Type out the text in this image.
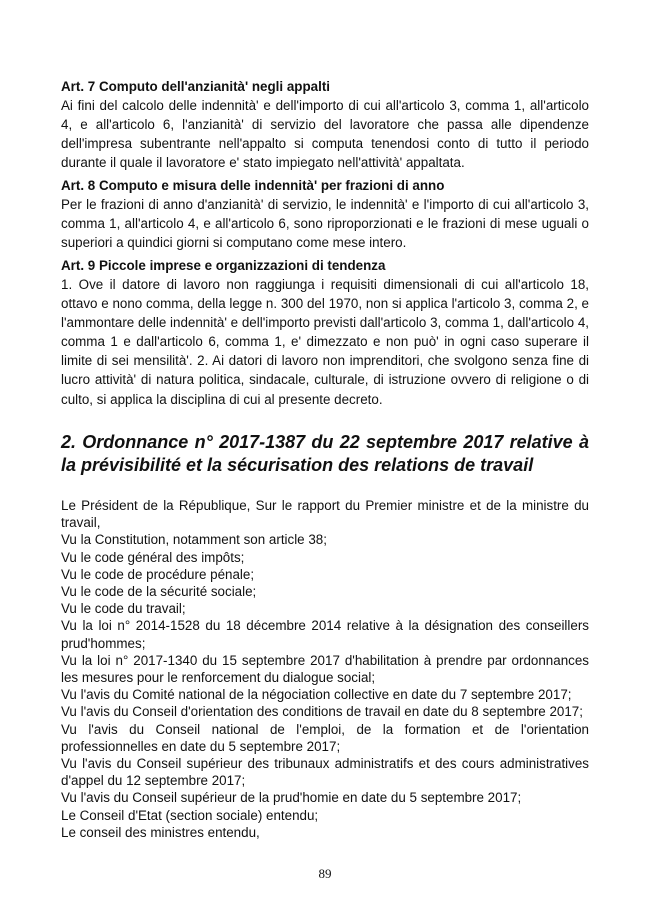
Art. 7 Computo dell'anzianità' negli appalti

Ai fini del calcolo delle indennità' e dell'importo di cui all'articolo 3, comma 1, all'articolo 4, e all'articolo 6, l'anzianità' di servizio del lavoratore che passa alle dipendenze dell'impresa subentrante nell'appalto si computa tenendosi conto di tutto il periodo durante il quale il lavoratore e' stato impiegato nell'attività' appaltata.

Art. 8 Computo e misura delle indennità' per frazioni di anno

Per le frazioni di anno d'anzianità' di servizio, le indennità' e l'importo di cui all'articolo 3, comma 1, all'articolo 4, e all'articolo 6, sono riproporzionati e le frazioni di mese uguali o superiori a quindici giorni si computano come mese intero.

Art. 9 Piccole imprese e organizzazioni di tendenza

1. Ove il datore di lavoro non raggiunga i requisiti dimensionali di cui all'articolo 18, ottavo e nono comma, della legge n. 300 del 1970, non si applica l'articolo 3, comma 2, e l'ammontare delle indennità' e dell'importo previsti dall'articolo 3, comma 1, dall'articolo 4, comma 1 e dall'articolo 6, comma 1, e' dimezzato e non può' in ogni caso superare il limite di sei mensilità'. 2. Ai datori di lavoro non imprenditori, che svolgono senza fine di lucro attività' di natura politica, sindacale, culturale, di istruzione ovvero di religione o di culto, si applica la disciplina di cui al presente decreto.

2. Ordonnance n° 2017-1387 du 22 septembre 2017 relative à la prévisibilité et la sécurisation des relations de travail

Le Président de la République, Sur le rapport du Premier ministre et de la ministre du travail,

Vu la Constitution, notamment son article 38;

Vu le code général des impôts;

Vu le code de procédure pénale;

Vu le code de la sécurité sociale;

Vu le code du travail;

Vu la loi n° 2014-1528 du 18 décembre 2014 relative à la désignation des conseillers prud'hommes;

Vu la loi n° 2017-1340 du 15 septembre 2017 d'habilitation à prendre par ordonnances les mesures pour le renforcement du dialogue social;

Vu l'avis du Comité national de la négociation collective en date du 7 septembre 2017;

Vu l'avis du Conseil d'orientation des conditions de travail en date du 8 septembre 2017;

Vu l'avis du Conseil national de l'emploi, de la formation et de l'orientation professionnelles en date du 5 septembre 2017;

Vu l'avis du Conseil supérieur des tribunaux administratifs et des cours administratives d'appel du 12 septembre 2017;

Vu l'avis du Conseil supérieur de la prud'homie en date du 5 septembre 2017;

Le Conseil d'Etat (section sociale) entendu;

Le conseil des ministres entendu,

89
